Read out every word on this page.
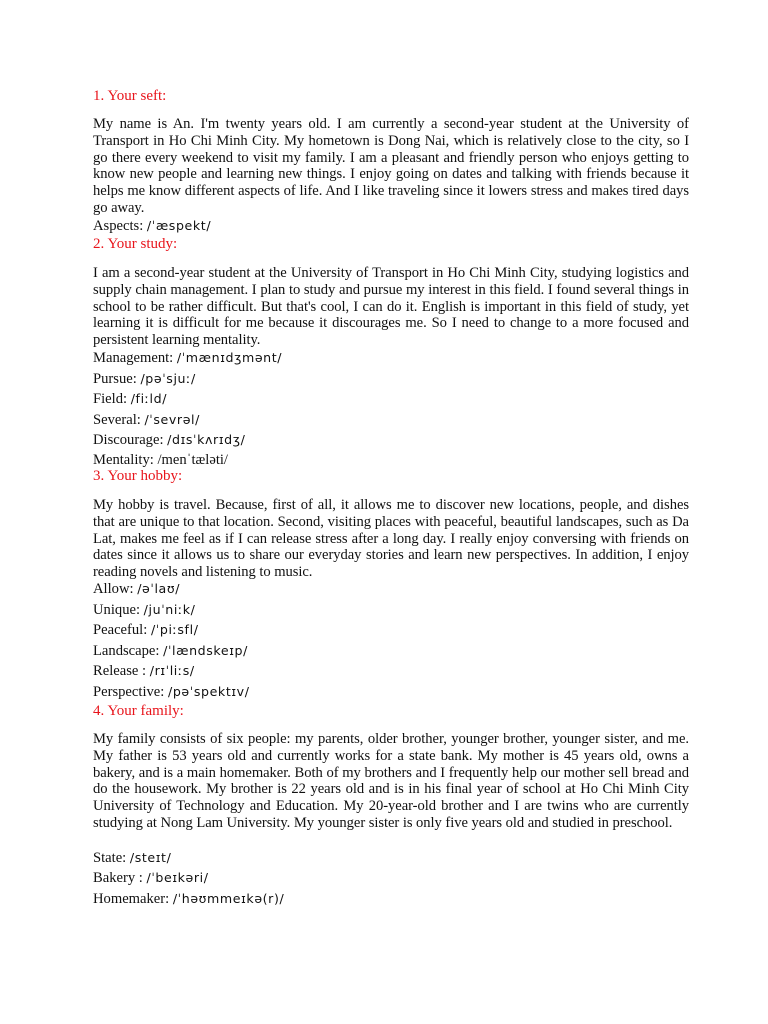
1. Your seft:
My name is An. I'm twenty years old. I am currently a second-year student at the University of Transport in Ho Chi Minh City. My hometown is Dong Nai, which is relatively close to the city, so I go there every weekend to visit my family. I am a pleasant and friendly person who enjoys getting to know new people and learning new things. I enjoy going on dates and talking with friends because it helps me know different aspects of life. And I like traveling since it lowers stress and makes tired days go away.
Aspects: /ˈæspekt/
2. Your study:
I am a second-year student at the University of Transport in Ho Chi Minh City, studying logistics and supply chain management. I plan to study and pursue my interest in this field. I found several things in school to be rather difficult. But that's cool, I can do it. English is important in this field of study, yet learning it is difficult for me because it discourages me. So I need to change to a more focused and persistent learning mentality.
Management: /ˈmænɪdʒmənt/
Pursue: /pəˈsjuː/
Field: /fiːld/
Several: /ˈsevrəl/
Discourage: /dɪsˈkʌrɪdʒ/
Mentality: /menˈtæləti/
3. Your hobby:
My hobby is travel. Because, first of all, it allows me to discover new locations, people, and dishes that are unique to that location. Second, visiting places with peaceful, beautiful landscapes, such as Da Lat, makes me feel as if I can release stress after a long day. I really enjoy conversing with friends on dates since it allows us to share our everyday stories and learn new perspectives. In addition, I enjoy reading novels and listening to music.
Allow: /əˈlaʊ/
Unique: /juˈniːk/
Peaceful: /ˈpiːsfl/
Landscape: /ˈlændskeɪp/
Release : /rɪˈliːs/
Perspective: /pəˈspektɪv/
4. Your family:
My family consists of six people: my parents, older brother, younger brother, younger sister, and me. My father is 53 years old and currently works for a state bank. My mother is 45 years old, owns a bakery, and is a main homemaker. Both of my brothers and I frequently help our mother sell bread and do the housework. My brother is 22 years old and is in his final year of school at Ho Chi Minh City University of Technology and Education. My 20-year-old brother and I are twins who are currently studying at Nong Lam University. My younger sister is only five years old and studied in preschool.
State: /steɪt/
Bakery : /ˈbeɪkəri/
Homemaker: /ˈhəʊmmeɪkə(r)/
